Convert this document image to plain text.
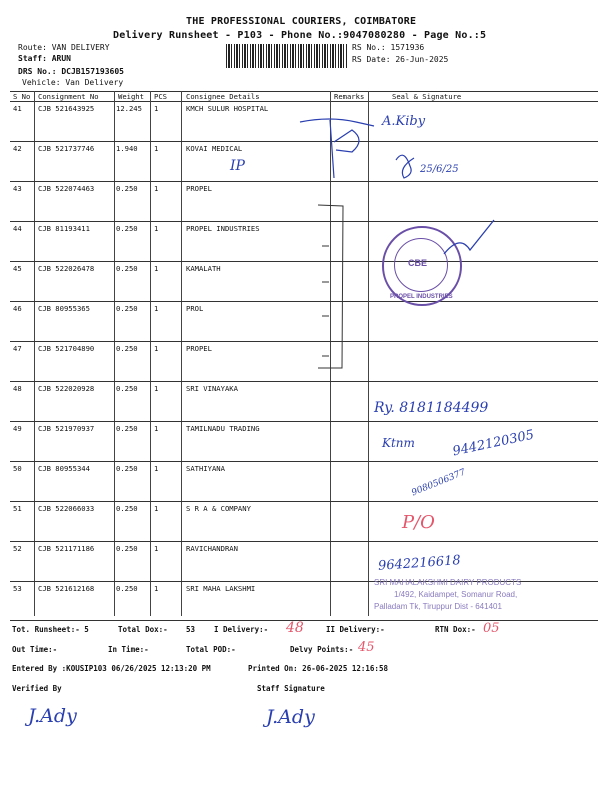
THE PROFESSIONAL COURIERS, COIMBATORE
Delivery Runsheet - P103 - Phone No.:9047080280 - Page No.:5
Route: VAN DELIVERY
Staff: ARUN
DRS No.: DCJB157193605
Vehicle: Van Delivery
RS No.: 1571936
RS Date: 26-Jun-2025
S No Consignment No	Weight PCS	Consignee Details	Remarks	Seal & Signature
41 CJB 521643925	12.245 1	KMCH SULUR HOSPITAL
42 CJB 521737746	1.940 1	KOVAI MEDICAL
43 CJB 522074463	0.250 1	PROPEL
44 CJB 81193411	0.250 1	PROPEL INDUSTRIES
45 CJB 522026478	0.250 1	KAMALATH
46 CJB 80955365	0.250 1	PROL
47 CJB 521704890	0.250 1	PROPEL
48 CJB 522020928	0.250 1	SRI VINAYAKA
49 CJB 521970937	0.250 1	TAMILNADU TRADING
50 CJB 80955344	0.250 1	SATHIYANA
51 CJB 522066033	0.250 1	S R A & COMPANY
52 CJB 521171186	0.250 1	RAVICHANDRAN
53 CJB 521612168	0.250 1	SRI MAHA LAKSHMI
Tot. Runsheet:- 5	Total Dox:- 53	I Delivery:- 48	II Delivery:-	RTN Dox:- 05
Out Time:-	In Time:-	Total POD:-	Delvy Points:- 45
Entered By :KOUSIP103 06/26/2025 12:13:20 PM	Printed On: 26-06-2025 12:16:58
Verified By	Staff Signature
J.Ady	J.Ady
A.Kiby
IP	25/6/25
CBE
PROPEL INDUSTRIES
Ry. 8181184499
9442120305
Ktnm
9080506377
P/O
9642216618
SRI MAHALAKSHMI DAIRY PRODUCTS
1/492, Kaidampet, Somanur Road,
Palladam Tk, Tiruppur Dist - 641401
